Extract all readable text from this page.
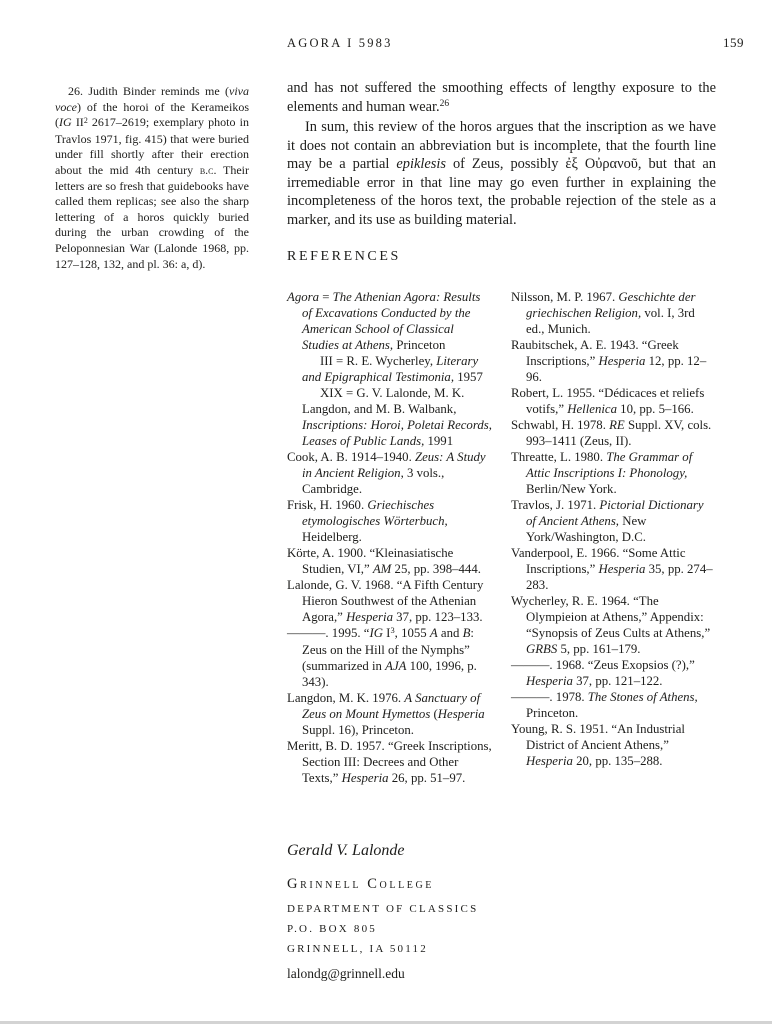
AGORA I 5983	159
26. Judith Binder reminds me (viva voce) of the horoi of the Kerameikos (IG $II^2$ 2617–2619; exemplary photo in Travlos 1971, fig. 415) that were buried under fill shortly after their erection about the mid 4th century b.c. Their letters are so fresh that guidebooks have called them replicas; see also the sharp lettering of a horos quickly buried during the urban crowding of the Peloponnesian War (Lalonde 1968, pp. 127–128, 132, and pl. 36: a, d).

and has not suffered the smoothing effects of lengthy exposure to the elements and human wear.$^{26}$

In sum, this review of the horos argues that the inscription as we have it does not contain an abbreviation but is incomplete, that the fourth line may be a partial epiklesis of Zeus, possibly ἐξ Οὐρανοῦ, but that an irremediable error in that line may go even further in explaining the incompleteness of the horos text, the probable rejection of the stele as a marker, and its use as building material.

REFERENCES

Agora = The Athenian Agora: Results of Excavations Conducted by the American School of Classical Studies at Athens, Princeton

III = R. E. Wycherley, Literary and Epigraphical Testimonia, 1957

XIX = G. V. Lalonde, M. K. Langdon, and M. B. Walbank, Inscriptions: Horoi, Poletai Records, Leases of Public Lands, 1991

Cook, A. B. 1914–1940. Zeus: A Study in Ancient Religion, 3 vols., Cambridge.

Frisk, H. 1960. Griechisches etymologisches Wörterbuch, Heidelberg.

Körte, A. 1900. “Kleinasiatische Studien, VI,” AM 25, pp. 398–444.

Lalonde, G. V. 1968. “A Fifth Century Hieron Southwest of the Athenian Agora,” Hesperia 37, pp. 123–133.

———. 1995. “IG $I^3$, 1055 A and B: Zeus on the Hill of the Nymphs” (summarized in AJA 100, 1996, p. 343).

Langdon, M. K. 1976. A Sanctuary of Zeus on Mount Hymettos (Hesperia Suppl. 16), Princeton.

Meritt, B. D. 1957. “Greek Inscriptions, Section III: Decrees and Other Texts,” Hesperia 26, pp. 51–97.

Nilsson, M. P. 1967. Geschichte der griechischen Religion, vol. I, 3rd ed., Munich.

Raubitschek, A. E. 1943. “Greek Inscriptions,” Hesperia 12, pp. 12–96.

Robert, L. 1955. “Dédicaces et reliefs votifs,” Hellenica 10, pp. 5–166.

Schwabl, H. 1978. RE Suppl. XV, cols. 993–1411 (Zeus, II).

Threatte, L. 1980. The Grammar of Attic Inscriptions I: Phonology, Berlin/New York.

Travlos, J. 1971. Pictorial Dictionary of Ancient Athens, New York/Washington, D.C.

Vanderpool, E. 1966. “Some Attic Inscriptions,” Hesperia 35, pp. 274–283.

Wycherley, R. E. 1964. “The Olympieion at Athens,” Appendix: “Synopsis of Zeus Cults at Athens,” GRBS 5, pp. 161–179.

———. 1968. “Zeus Exopsios (?),” Hesperia 37, pp. 121–122.

———. 1978. The Stones of Athens, Princeton.

Young, R. S. 1951. “An Industrial District of Ancient Athens,” Hesperia 20, pp. 135–288.

Gerald V. Lalonde

Grinnell College

DEPARTMENT OF CLASSICS

P.O. BOX 805

GRINNELL, IA 50112

lalondg@grinnell.edu
